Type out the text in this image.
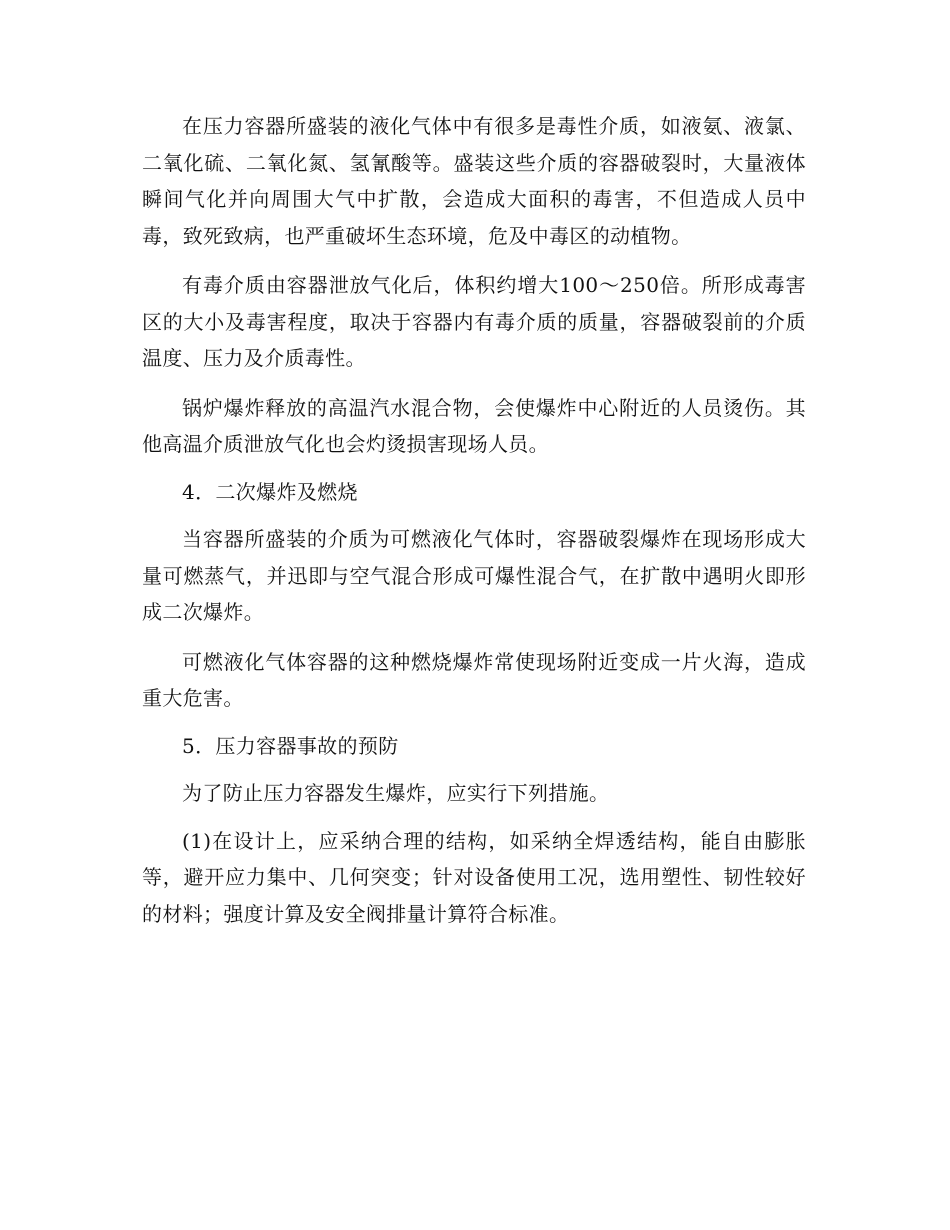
在压力容器所盛装的液化气体中有很多是毒性介质，如液氨、液氯、二氧化硫、二氧化氮、氢氰酸等。盛装这些介质的容器破裂时，大量液体瞬间气化并向周围大气中扩散，会造成大面积的毒害，不但造成人员中毒，致死致病，也严重破坏生态环境，危及中毒区的动植物。

有毒介质由容器泄放气化后，体积约增大100～250倍。所形成毒害区的大小及毒害程度，取决于容器内有毒介质的质量，容器破裂前的介质温度、压力及介质毒性。

锅炉爆炸释放的高温汽水混合物，会使爆炸中心附近的人员烫伤。其他高温介质泄放气化也会灼烫损害现场人员。

4．二次爆炸及燃烧

当容器所盛装的介质为可燃液化气体时，容器破裂爆炸在现场形成大量可燃蒸气，并迅即与空气混合形成可爆性混合气，在扩散中遇明火即形成二次爆炸。

可燃液化气体容器的这种燃烧爆炸常使现场附近变成一片火海，造成重大危害。

5．压力容器事故的预防

为了防止压力容器发生爆炸，应实行下列措施。

(1)在设计上，应采纳合理的结构，如采纳全焊透结构，能自由膨胀等，避开应力集中、几何突变；针对设备使用工况，选用塑性、韧性较好的材料；强度计算及安全阀排量计算符合标准。
